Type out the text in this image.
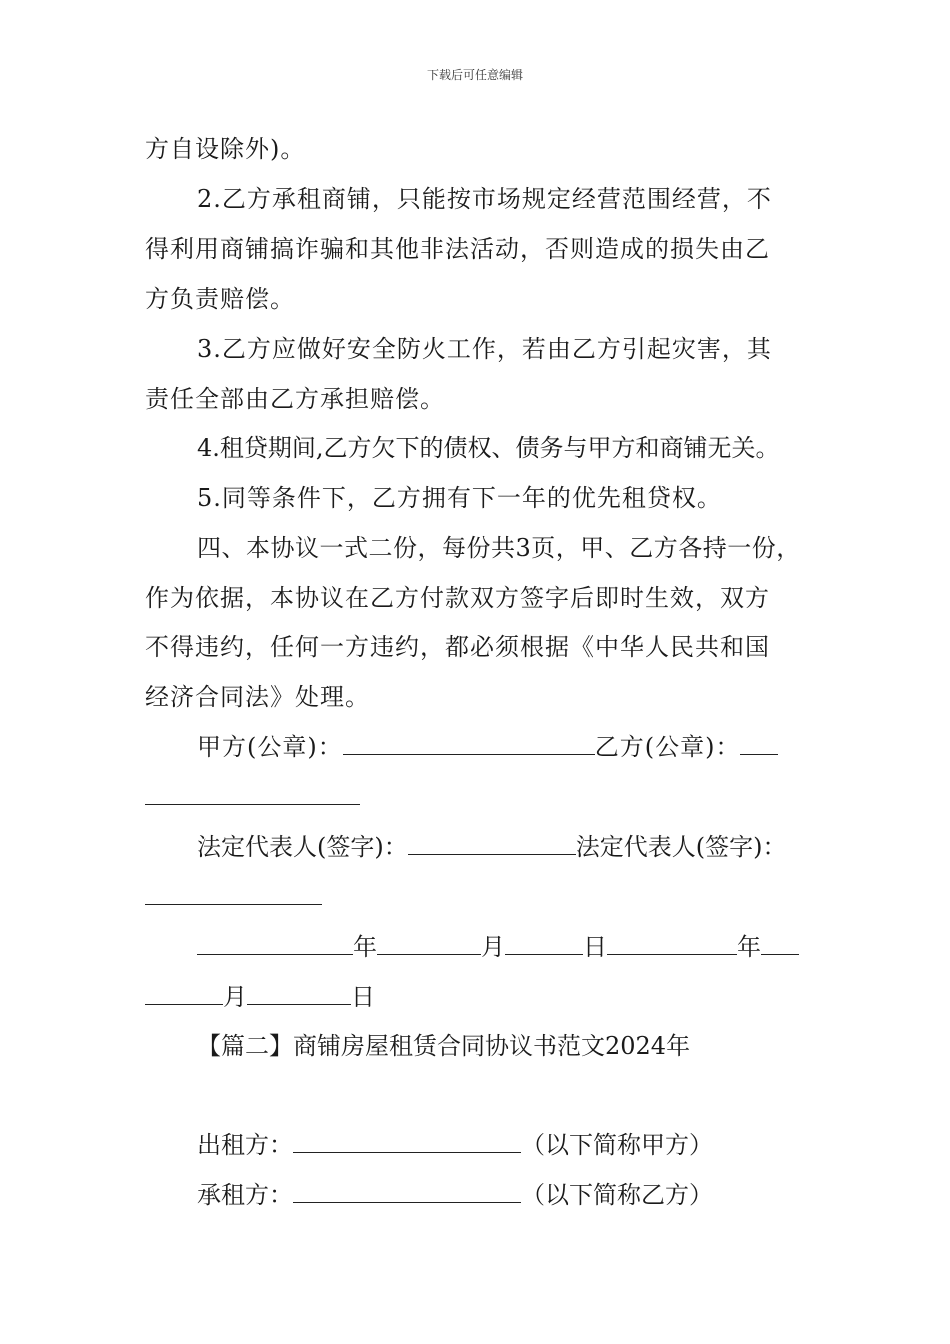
下载后可任意编辑
方自设除外)。
2.乙方承租商铺，只能按市场规定经营范围经营，不
得利用商铺搞诈骗和其他非法活动，否则造成的损失由乙
方负责赔偿。
3.乙方应做好安全防火工作，若由乙方引起灾害，其
责任全部由乙方承担赔偿。
4.租贷期间,乙方欠下的债权、债务与甲方和商铺无关。
5.同等条件下，乙方拥有下一年的优先租贷权。
四、本协议一式二份，每份共3页，甲、乙方各持一份，
作为依据，本协议在乙方付款双方签字后即时生效，双方
不得违约，任何一方违约，都必须根据《中华人民共和国
经济合同法》处理。
甲方(公章)：	乙方(公章)：
法定代表人(签字)：	法定代表人(签字)：
年	月	日	年
月	日
【篇二】商铺房屋租赁合同协议书范文2024年
出租方：	（以下简称甲方）
承租方：	（以下简称乙方）
